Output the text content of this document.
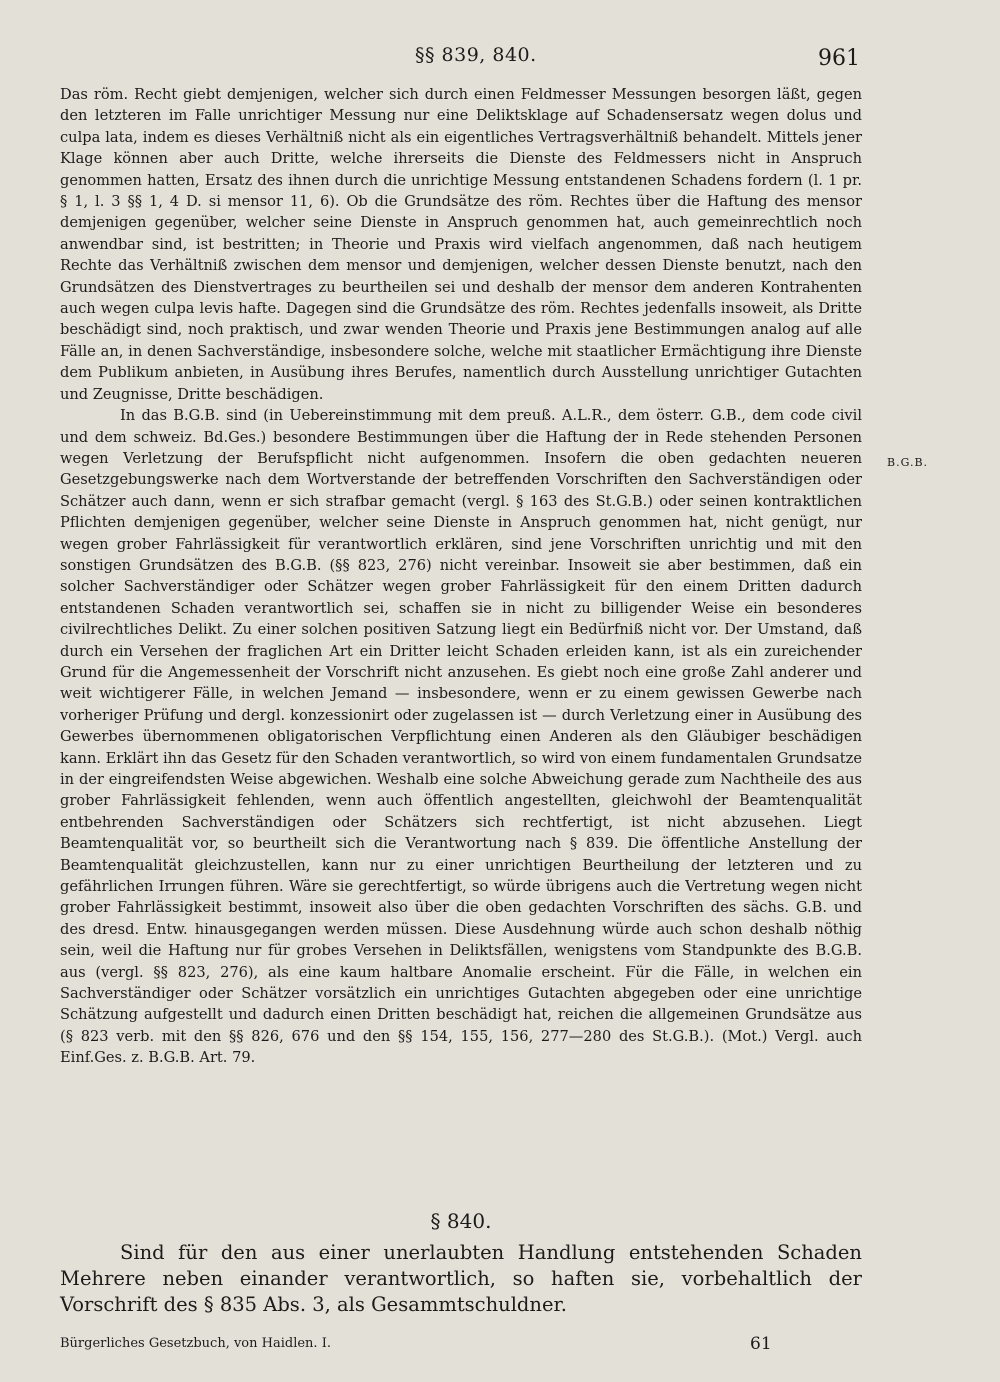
§§ 839, 840.	961

Das röm. Recht giebt demjenigen, welcher sich durch einen Feldmesser Messungen besorgen läßt, gegen den letzteren im Falle unrichtiger Messung nur eine Deliktsklage auf Schadensersatz wegen dolus und culpa lata, indem es dieses Verhältniß nicht als ein eigentliches Vertragsverhältniß behandelt. Mittels jener Klage können aber auch Dritte, welche ihrerseits die Dienste des Feldmessers nicht in Anspruch genommen hatten, Ersatz des ihnen durch die unrichtige Messung entstandenen Schadens fordern (l. 1 pr. § 1, l. 3 §§ 1, 4 D. si mensor 11, 6). Ob die Grundsätze des röm. Rechtes über die Haftung des mensor demjenigen gegenüber, welcher seine Dienste in Anspruch genommen hat, auch gemeinrechtlich noch anwendbar sind, ist bestritten; in Theorie und Praxis wird vielfach angenommen, daß nach heutigem Rechte das Verhältniß zwischen dem mensor und demjenigen, welcher dessen Dienste benutzt, nach den Grundsätzen des Dienstvertrages zu beurtheilen sei und deshalb der mensor dem anderen Kontrahenten auch wegen culpa levis hafte. Dagegen sind die Grundsätze des röm. Rechtes jedenfalls insoweit, als Dritte beschädigt sind, noch praktisch, und zwar wenden Theorie und Praxis jene Bestimmungen analog auf alle Fälle an, in denen Sachverständige, insbesondere solche, welche mit staatlicher Ermächtigung ihre Dienste dem Publikum anbieten, in Ausübung ihres Berufes, namentlich durch Ausstellung unrichtiger Gutachten und Zeugnisse, Dritte beschädigen.

In das B.G.B. sind (in Uebereinstimmung mit dem preuß. A.L.R., dem österr. G.B., dem code civil und dem schweiz. Bd.Ges.) besondere Bestimmungen über die Haftung der in Rede stehenden Personen wegen Verletzung der Berufspflicht nicht aufgenommen. Insofern die oben gedachten neueren Gesetzgebungswerke nach dem Wortverstande der betreffenden Vorschriften den Sachverständigen oder Schätzer auch dann, wenn er sich strafbar gemacht (vergl. § 163 des St.G.B.) oder seinen kontraktlichen Pflichten demjenigen gegenüber, welcher seine Dienste in Anspruch genommen hat, nicht genügt, nur wegen grober Fahrlässigkeit für verantwortlich erklären, sind jene Vorschriften unrichtig und mit den sonstigen Grundsätzen des B.G.B. (§§ 823, 276) nicht vereinbar. Insoweit sie aber bestimmen, daß ein solcher Sachverständiger oder Schätzer wegen grober Fahrlässigkeit für den einem Dritten dadurch entstandenen Schaden verantwortlich sei, schaffen sie in nicht zu billigender Weise ein besonderes civilrechtliches Delikt. Zu einer solchen positiven Satzung liegt ein Bedürfniß nicht vor. Der Umstand, daß durch ein Versehen der fraglichen Art ein Dritter leicht Schaden erleiden kann, ist als ein zureichender Grund für die Angemessenheit der Vorschrift nicht anzusehen. Es giebt noch eine große Zahl anderer und weit wichtigerer Fälle, in welchen Jemand — insbesondere, wenn er zu einem gewissen Gewerbe nach vorheriger Prüfung und dergl. konzessionirt oder zugelassen ist — durch Verletzung einer in Ausübung des Gewerbes übernommenen obligatorischen Verpflichtung einen Anderen als den Gläubiger beschädigen kann. Erklärt ihn das Gesetz für den Schaden verantwortlich, so wird von einem fundamentalen Grundsatze in der eingreifendsten Weise abgewichen. Weshalb eine solche Abweichung gerade zum Nachtheile des aus grober Fahrlässigkeit fehlenden, wenn auch öffentlich angestellten, gleichwohl der Beamtenqualität entbehrenden Sachverständigen oder Schätzers sich rechtfertigt, ist nicht abzusehen. Liegt Beamtenqualität vor, so beurtheilt sich die Verantwortung nach § 839. Die öffentliche Anstellung der Beamtenqualität gleichzustellen, kann nur zu einer unrichtigen Beurtheilung der letzteren und zu gefährlichen Irrungen führen. Wäre sie gerechtfertigt, so würde übrigens auch die Vertretung wegen nicht grober Fahrlässigkeit bestimmt, insoweit also über die oben gedachten Vorschriften des sächs. G.B. und des dresd. Entw. hinausgegangen werden müssen. Diese Ausdehnung würde auch schon deshalb nöthig sein, weil die Haftung nur für grobes Versehen in Deliktsfällen, wenigstens vom Standpunkte des B.G.B. aus (vergl. §§ 823, 276), als eine kaum haltbare Anomalie erscheint. Für die Fälle, in welchen ein Sachverständiger oder Schätzer vorsätzlich ein unrichtiges Gutachten abgegeben oder eine unrichtige Schätzung aufgestellt und dadurch einen Dritten beschädigt hat, reichen die allgemeinen Grundsätze aus (§ 823 verb. mit den §§ 826, 676 und den §§ 154, 155, 156, 277—280 des St.G.B.). (Mot.) Vergl. auch Einf.Ges. z. B.G.B. Art. 79.

B.G.B.
§ 840.
Sind für den aus einer unerlaubten Handlung entstehenden Schaden Mehrere neben einander verantwortlich, so haften sie, vorbehaltlich der Vorschrift des § 835 Abs. 3, als Gesammtschuldner.
Bürgerliches Gesetzbuch, von Haidlen. I.	61
